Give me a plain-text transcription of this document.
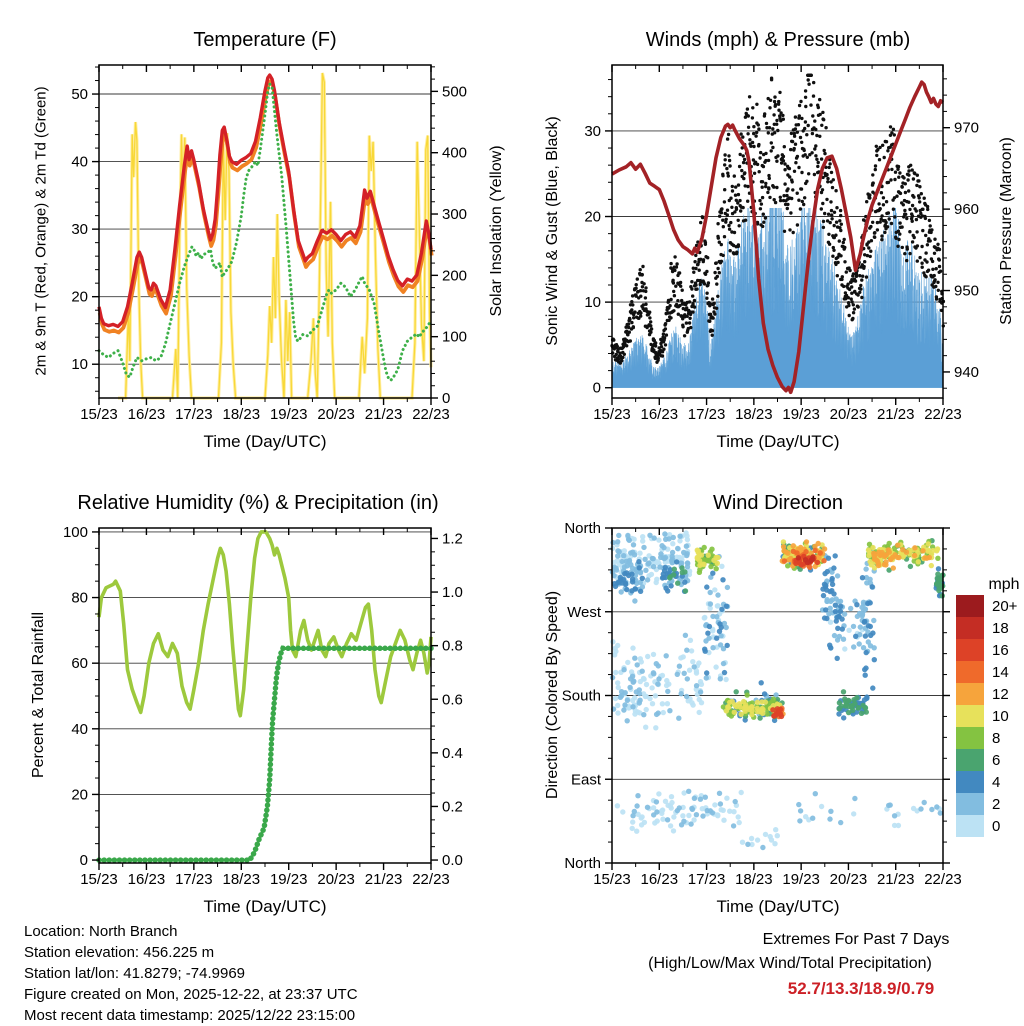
15/23 16/23 17/23 18/23 19/23 20/23 21/23 22/23
10
20
30
40
50
0
100
200
300
400
500
15/23 16/23 17/23 18/23 19/23 20/23 21/23 22/23
0
10
20
30
940
950
960
970
15/23 16/23 17/23 18/23 19/23 20/23 21/23 22/23
0
20
40
60
80
100
0.0
0.2
0.4
0.6
0.8
1.0
1.2
15/23 16/23 17/23 18/23 19/23 20/23 21/23 22/23
North
West
South
East
North
mph
20+
18
16
14
12
10
8
6
4
2
0
Temperature (F)	Winds (mph) & Pressure (mb)
Relative Humidity (%) & Precipitation (in)	Wind Direction
Time (Day/UTC)	Time (Day/UTC)
Time (Day/UTC)	Time (Day/UTC)
2m & 9m T (Red, Orange) & 2m Td (Green)	Solar Insolation (Yellow) Sonic Wind & Gust (Blue, Black)	Station Pressure (Maroon)
Percent & Total Rainfall	Direction (Colored By Speed)
Location: North Branch
Station elevation: 456.225 m
Station lat/lon: 41.8279; -74.9969
Figure created on Mon, 2025-12-22, at 23:37 UTC
Most recent data timestamp: 2025/12/22 23:15:00
Extremes For Past 7 Days
(High/Low/Max Wind/Total Precipitation)
52.7/13.3/18.9/0.79
